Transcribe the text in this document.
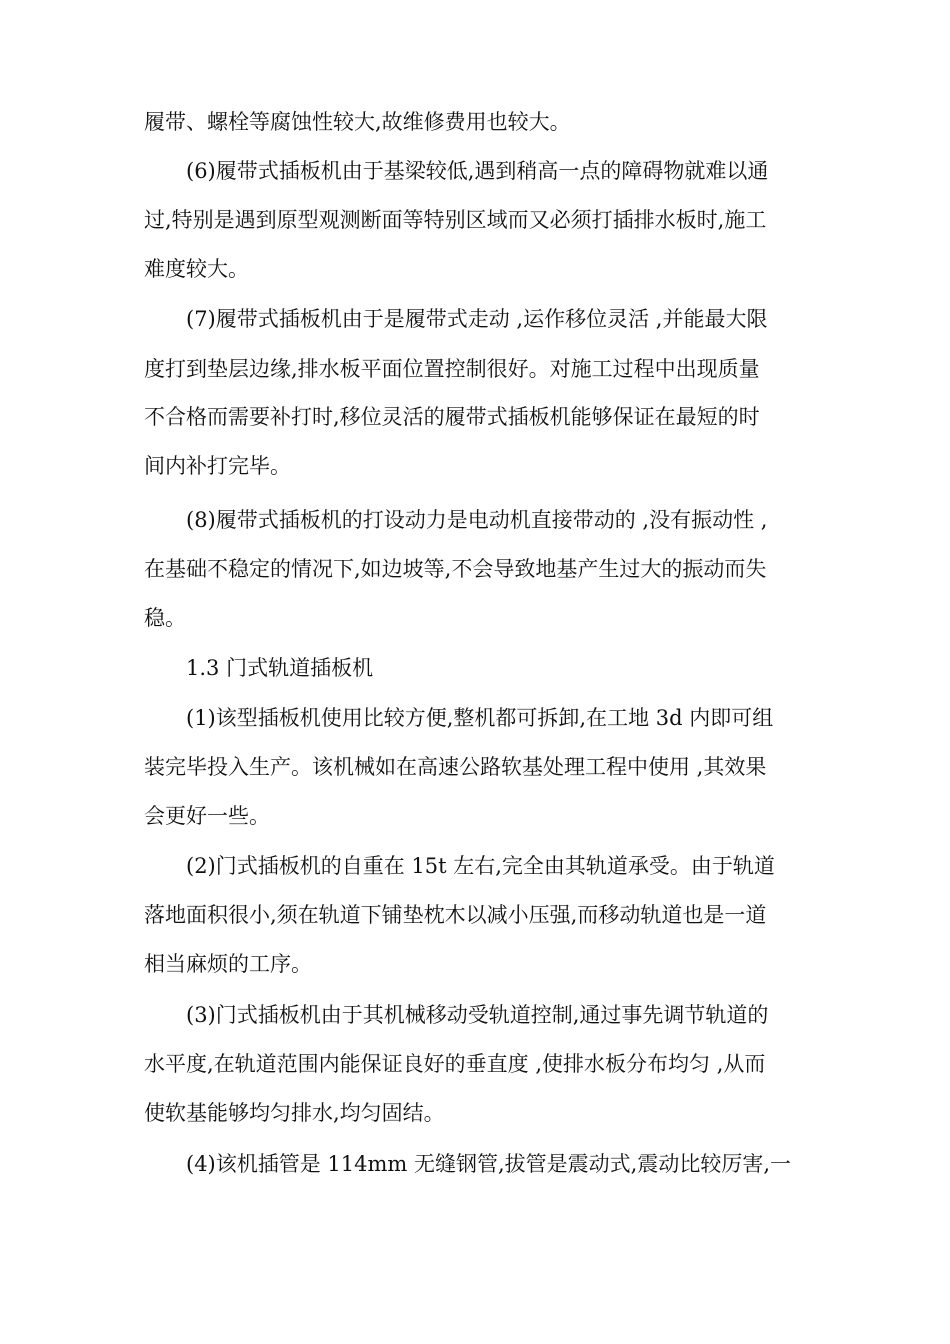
履带、螺栓等腐蚀性较大,故维修费用也较大。
(6)履带式插板机由于基梁较低,遇到稍高一点的障碍物就难以通
过,特别是遇到原型观测断面等特别区域而又必须打插排水板时,施工
难度较大。
(7)履带式插板机由于是履带式走动 ,运作移位灵活 ,并能最大限
度打到垫层边缘,排水板平面位置控制很好。对施工过程中出现质量
不合格而需要补打时,移位灵活的履带式插板机能够保证在最短的时
间内补打完毕。
(8)履带式插板机的打设动力是电动机直接带动的 ,没有振动性 ,
在基础不稳定的情况下,如边坡等,不会导致地基产生过大的振动而失
稳。
1.3 门式轨道插板机
(1)该型插板机使用比较方便,整机都可拆卸,在工地 3d 内即可组
装完毕投入生产。该机械如在高速公路软基处理工程中使用 ,其效果
会更好一些。
(2)门式插板机的自重在 15t 左右,完全由其轨道承受。由于轨道
落地面积很小,须在轨道下铺垫枕木以减小压强,而移动轨道也是一道
相当麻烦的工序。
(3)门式插板机由于其机械移动受轨道控制,通过事先调节轨道的
水平度,在轨道范围内能保证良好的垂直度 ,使排水板分布均匀 ,从而
使软基能够均匀排水,均匀固结。
(4)该机插管是 114mm 无缝钢管,拔管是震动式,震动比较厉害,一
